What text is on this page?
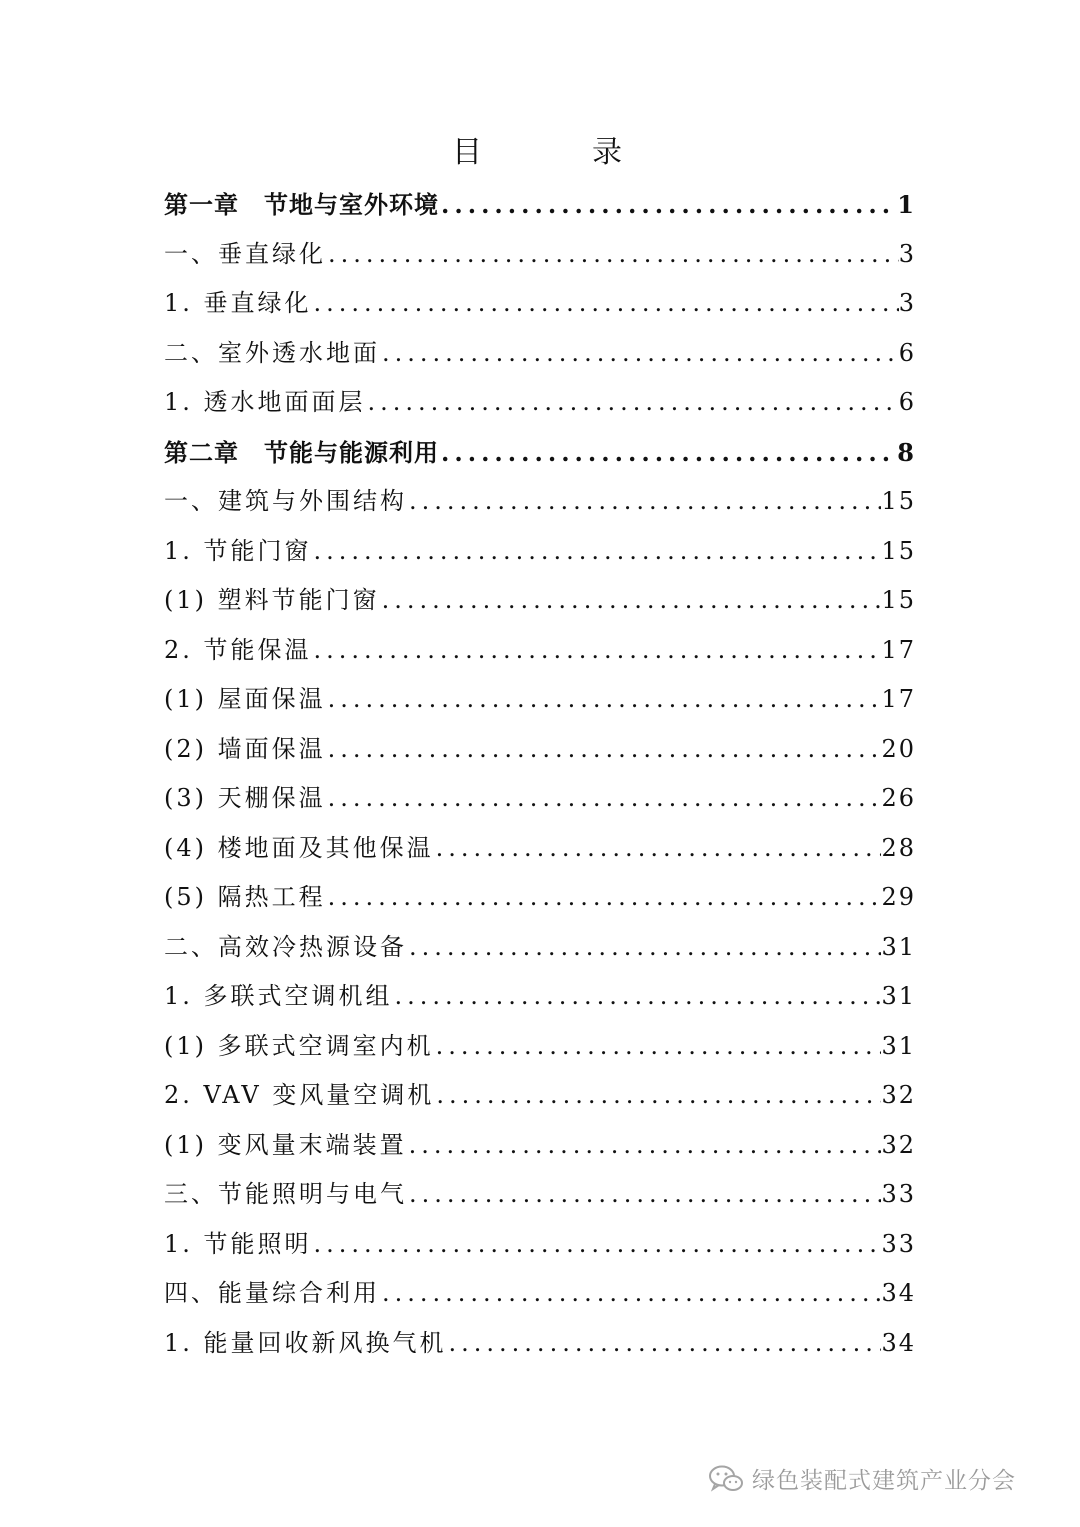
目　录
第一章　节地与室外环境 .....	1
一、垂直绿化 .....	3
1. 垂直绿化 .....	3
二、室外透水地面 .....	6
1. 透水地面面层 .....	6
第二章　节能与能源利用 .....	8
一、建筑与外围结构 .....	15
1. 节能门窗 .....	15
(1) 塑料节能门窗 .....	15
2. 节能保温 .....	17
(1) 屋面保温 .....	17
(2) 墙面保温 .....	20
(3) 天棚保温 .....	26
(4) 楼地面及其他保温 .....	28
(5) 隔热工程 .....	29
二、高效冷热源设备 .....	31
1. 多联式空调机组 .....	31
(1) 多联式空调室内机 .....	31
2. VAV 变风量空调机 .....	32
(1) 变风量末端装置 .....	32
三、节能照明与电气 .....	33
1. 节能照明 .....	33
四、能量综合利用 .....	34
1. 能量回收新风换气机 .....	34
绿色装配式建筑产业分会
